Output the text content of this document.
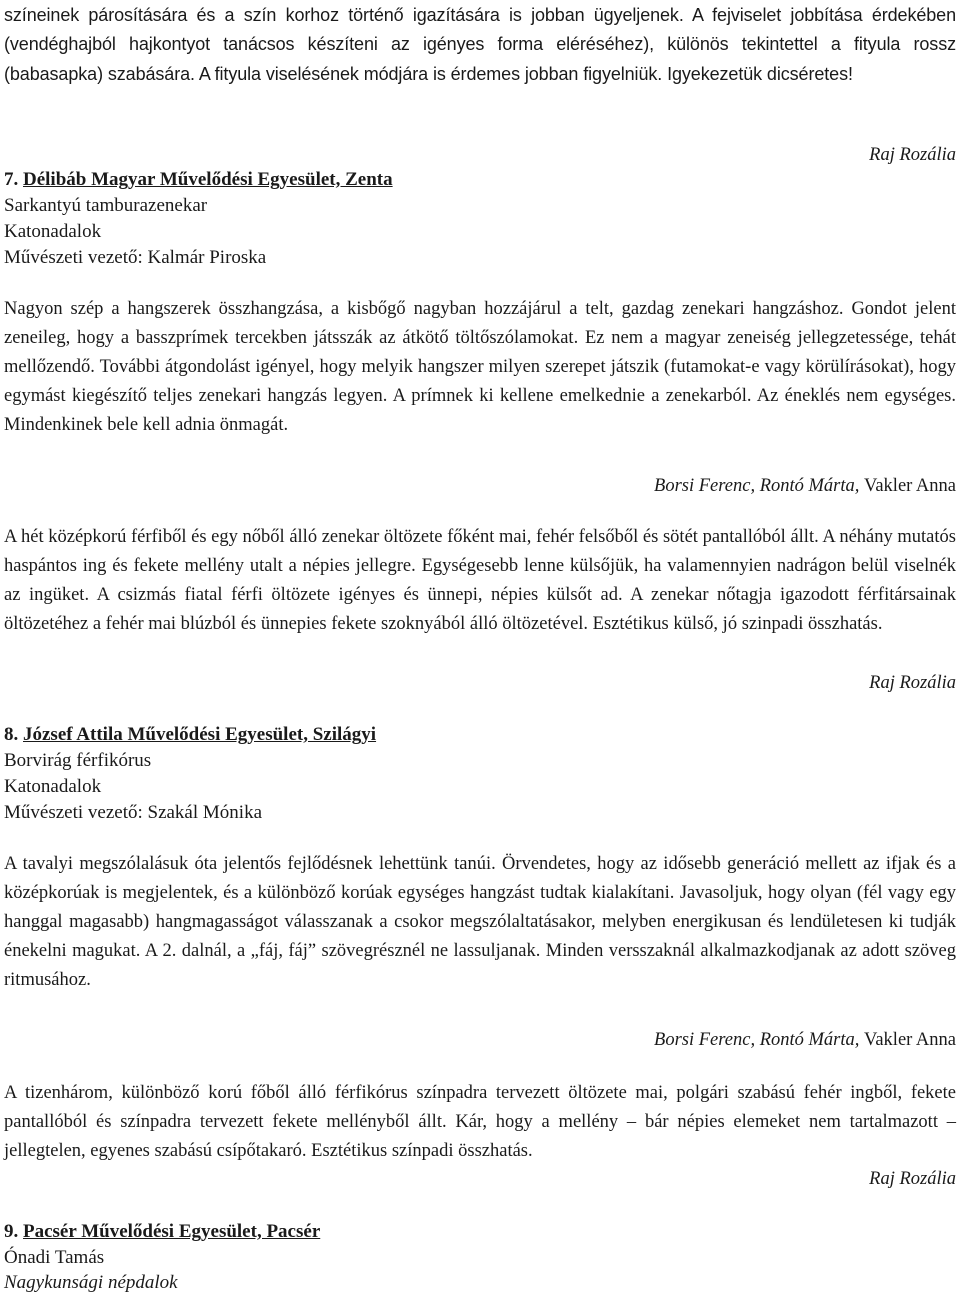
színeinek párosítására és a szín korhoz történő igazítására is jobban ügyeljenek. A fejviselet jobbítása érdekében (vendéghajból hajkontyot tanácsos készíteni az igényes forma eléréséhez), különös tekintettel a fityula rossz (babasapka) szabására. A fityula viselésének módjára is érdemes jobban figyelniük. Igyekezetük dicséretes!

Raj Rozália
7. Délibáb Magyar Művelődési Egyesület, Zenta
Sarkantyú tamburazenekar
Katonadalok
Művészeti vezető: Kalmár Piroska

Nagyon szép a hangszerek összhangzása, a kisbőgő nagyban hozzájárul a telt, gazdag zenekari hangzáshoz. Gondot jelent zeneileg, hogy a basszprímek tercekben játsszák az átkötő töltőszólamokat. Ez nem a magyar zeneiség jellegzetessége, tehát mellőzendő. További átgondolást igényel, hogy melyik hangszer milyen szerepet játszik (futamokat-e vagy körülírásokat), hogy egymást kiegészítő teljes zenekari hangzás legyen. A prímnek ki kellene emelkednie a zenekarból. Az éneklés nem egységes. Mindenkinek bele kell adnia önmagát.

Borsi Ferenc, Rontó Márta, Vakler Anna

A hét középkorú férfiből és egy nőből álló zenekar öltözete főként mai, fehér felsőből és sötét pantallóból állt. A néhány mutatós haspántos ing és fekete mellény utalt a népies jellegre. Egységesebb lenne külsőjük, ha valamennyien nadrágon belül viselnék az ingüket. A csizmás fiatal férfi öltözete igényes és ünnepi, népies külsőt ad. A zenekar nőtagja igazodott férfitársainak öltözetéhez a fehér mai blúzból és ünnepies fekete szoknyából álló öltözetével. Esztétikus külső, jó szinpadi összhatás.

Raj Rozália
8. József Attila Művelődési Egyesület, Szilágyi
Borvirág férfikórus
Katonadalok
Művészeti vezető: Szakál Mónika

A tavalyi megszólalásuk óta jelentős fejlődésnek lehettünk tanúi. Örvendetes, hogy az idősebb generáció mellett az ifjak és a középkorúak is megjelentek, és a különböző korúak egységes hangzást tudtak kialakítani. Javasoljuk, hogy olyan (fél vagy egy hanggal magasabb) hangmagasságot válasszanak a csokor megszólaltatásakor, melyben energikusan és lendületesen ki tudják énekelni magukat. A 2. dalnál, a „fáj, fáj” szövegrésznél ne lassuljanak. Minden versszaknál alkalmazkodjanak az adott szöveg ritmusához.

Borsi Ferenc, Rontó Márta, Vakler Anna

A tizenhárom, különböző korú főből álló férfikórus színpadra tervezett öltözete mai, polgári szabású fehér ingből, fekete pantallóból és színpadra tervezett fekete mellényből állt. Kár, hogy a mellény – bár népies elemeket nem tartalmazott – jellegtelen, egyenes szabású csípőtakaró. Esztétikus színpadi összhatás.

Raj Rozália
9. Pacsér Művelődési Egyesület, Pacsér
Ónadi Tamás
Nagykunsági népdalok
